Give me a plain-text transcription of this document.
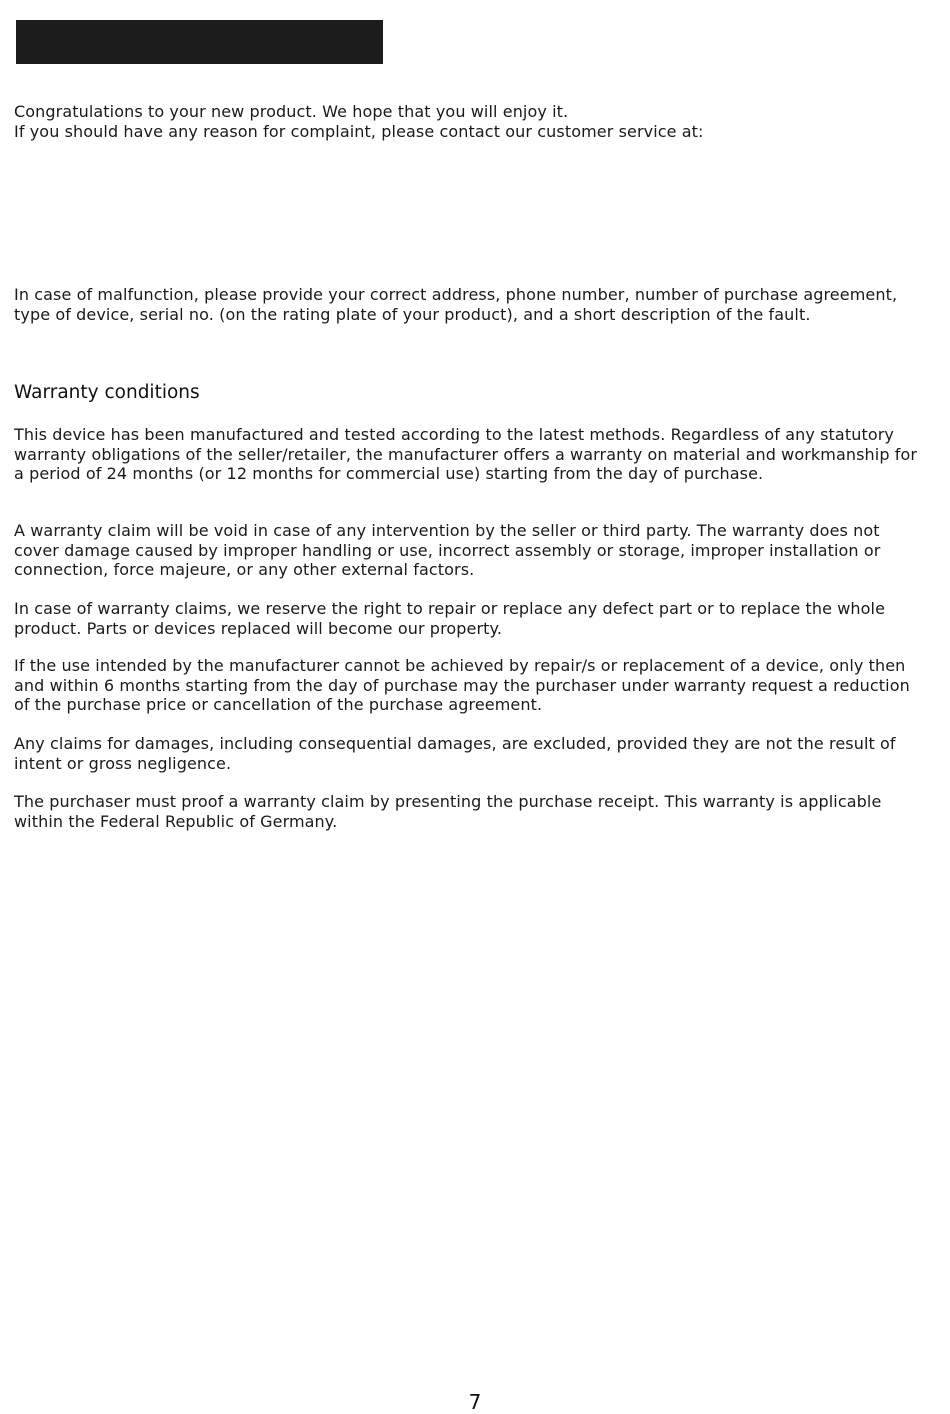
Congratulations to your new product. We hope that you will enjoy it.

If you should have any reason for complaint, please contact our customer service at:

In case of malfunction, please provide your correct address, phone number, number of purchase agreement, type of device, serial no. (on the rating plate of your product), and a short description of the fault.

Warranty conditions

This device has been manufactured and tested according to the latest methods. Regardless of any statutory warranty obligations of the seller/retailer, the manufacturer offers a warranty on material and workmanship for a period of 24 months (or 12 months for commercial use) starting from the day of purchase.

A warranty claim will be void in case of any intervention by the seller or third party. The warranty does not cover damage caused by improper handling or use, incorrect assembly or storage, improper installation or connection, force majeure, or any other external factors.

In case of warranty claims, we reserve the right to repair or replace any defect part or to replace the whole product. Parts or devices replaced will become our property.

If the use intended by the manufacturer cannot be achieved by repair/s or replacement of a device, only then and within 6 months starting from the day of purchase may the purchaser under warranty request a reduction of the purchase price or cancellation of the purchase agreement.

Any claims for damages, including consequential damages, are excluded, provided they are not the result of intent or gross negligence.

The purchaser must proof a warranty claim by presenting the purchase receipt. This warranty is applicable within the Federal Republic of Germany.

7
